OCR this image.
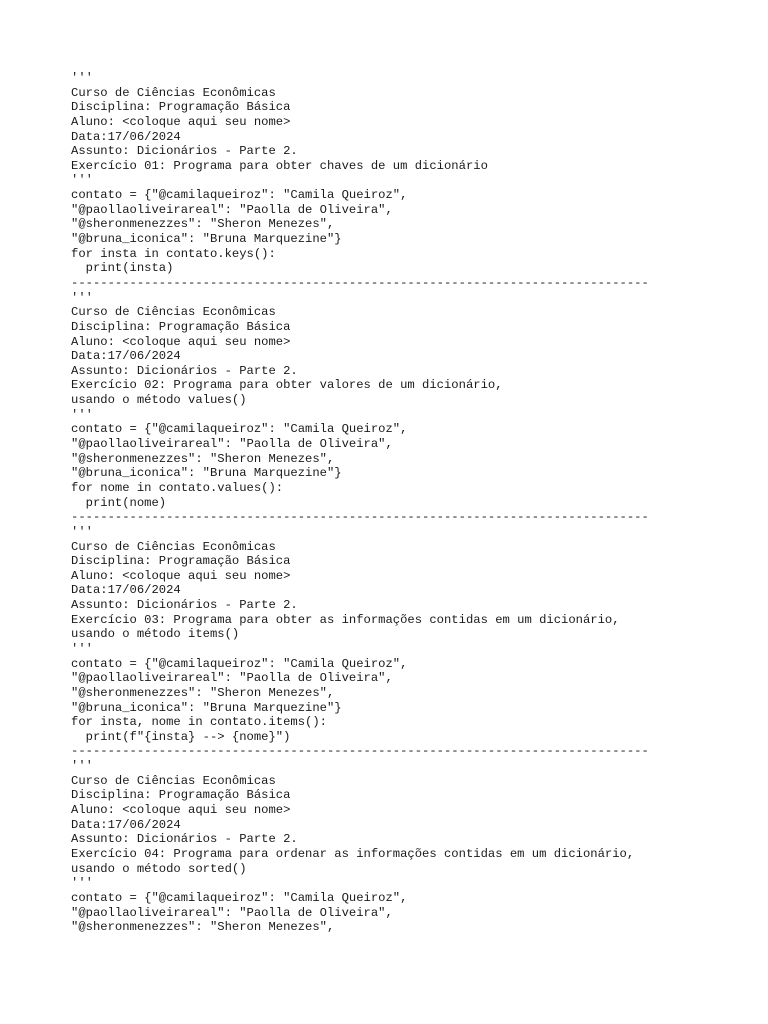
'''
Curso de Ciências Econômicas
Disciplina: Programação Básica
Aluno: <coloque aqui seu nome>
Data:17/06/2024
Assunto: Dicionários - Parte 2.
Exercício 01: Programa para obter chaves de um dicionário
'''
contato = {"@camilaqueiroz": "Camila Queiroz",
"@paollaoliveirareal": "Paolla de Oliveira",
"@sheronmenezzes": "Sheron Menezes",
"@bruna_iconica": "Bruna Marquezine"}
for insta in contato.keys():
print(insta)
-------------------------------------------------------------------------------
'''
Curso de Ciências Econômicas
Disciplina: Programação Básica
Aluno: <coloque aqui seu nome>
Data:17/06/2024
Assunto: Dicionários - Parte 2.
Exercício 02: Programa para obter valores de um dicionário,
usando o método values()
'''
contato = {"@camilaqueiroz": "Camila Queiroz",
"@paollaoliveirareal": "Paolla de Oliveira",
"@sheronmenezzes": "Sheron Menezes",
"@bruna_iconica": "Bruna Marquezine"}
for nome in contato.values():
print(nome)
-------------------------------------------------------------------------------
'''
Curso de Ciências Econômicas
Disciplina: Programação Básica
Aluno: <coloque aqui seu nome>
Data:17/06/2024
Assunto: Dicionários - Parte 2.
Exercício 03: Programa para obter as informações contidas em um dicionário,
usando o método items()
'''
contato = {"@camilaqueiroz": "Camila Queiroz",
"@paollaoliveirareal": "Paolla de Oliveira",
"@sheronmenezzes": "Sheron Menezes",
"@bruna_iconica": "Bruna Marquezine"}
for insta, nome in contato.items():
print(f"{insta} --> {nome}")
-------------------------------------------------------------------------------
'''
Curso de Ciências Econômicas
Disciplina: Programação Básica
Aluno: <coloque aqui seu nome>
Data:17/06/2024
Assunto: Dicionários - Parte 2.
Exercício 04: Programa para ordenar as informações contidas em um dicionário,
usando o método sorted()
'''
contato = {"@camilaqueiroz": "Camila Queiroz",
"@paollaoliveirareal": "Paolla de Oliveira",
"@sheronmenezzes": "Sheron Menezes",
